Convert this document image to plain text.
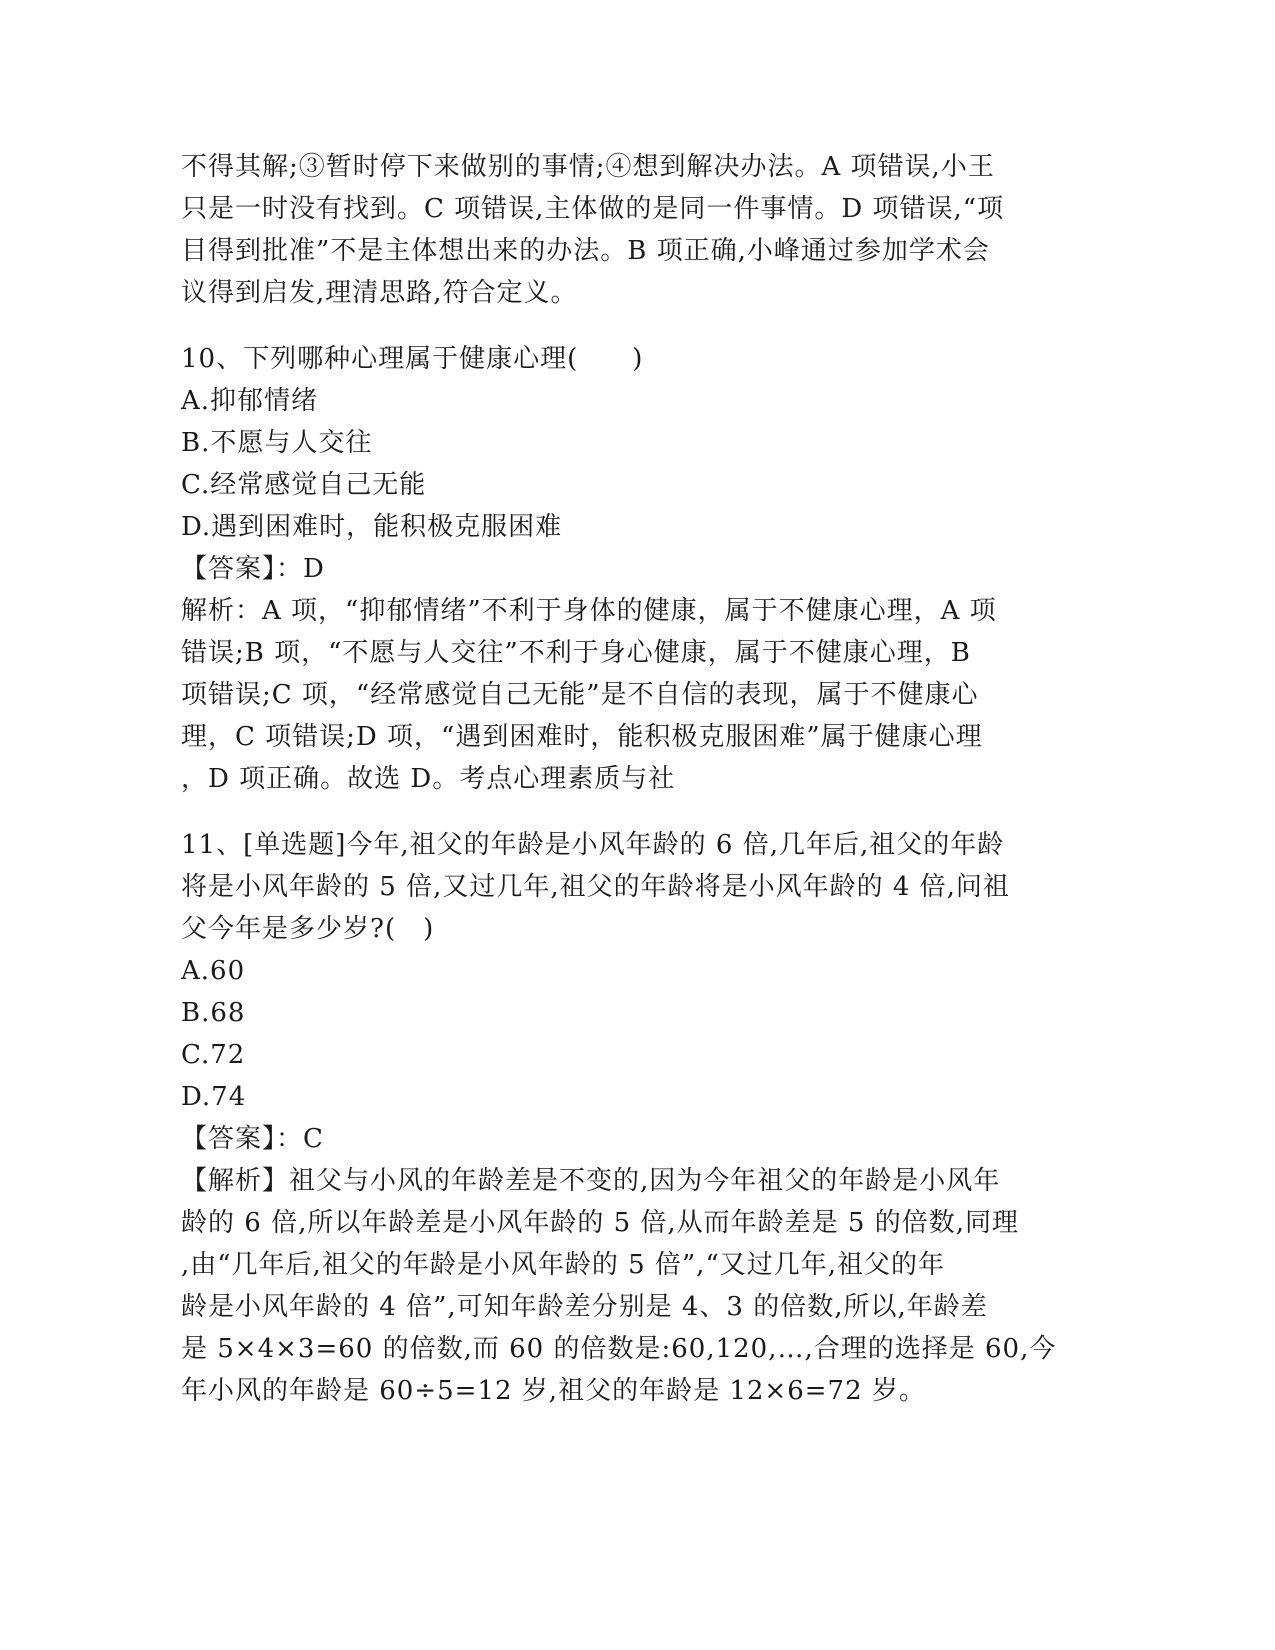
不得其解;③暂时停下来做别的事情;④想到解决办法。A 项错误,小王
只是一时没有找到。C 项错误,主体做的是同一件事情。D 项错误,“项
目得到批准”不是主体想出来的办法。B 项正确,小峰通过参加学术会
议得到启发,理清思路,符合定义。
10、下列哪种心理属于健康心理(　　)
A.抑郁情绪
B.不愿与人交往
C.经常感觉自己无能
D.遇到困难时，能积极克服困难
【答案】：D
解析：A 项，“抑郁情绪”不利于身体的健康，属于不健康心理，A 项
错误;B 项，“不愿与人交往”不利于身心健康，属于不健康心理，B
项错误;C 项，“经常感觉自己无能”是不自信的表现，属于不健康心
理，C 项错误;D 项，“遇到困难时，能积极克服困难”属于健康心理
，D 项正确。故选 D。考点心理素质与社
11、[单选题]今年,祖父的年龄是小风年龄的 6 倍,几年后,祖父的年龄
将是小风年龄的 5 倍,又过几年,祖父的年龄将是小风年龄的 4 倍,问祖
父今年是多少岁?(　)
A.60
B.68
C.72
D.74
【答案】：C
【解析】祖父与小风的年龄差是不变的,因为今年祖父的年龄是小风年
龄的 6 倍,所以年龄差是小风年龄的 5 倍,从而年龄差是 5 的倍数,同理
,由“几年后,祖父的年龄是小风年龄的 5 倍”,“又过几年,祖父的年
龄是小风年龄的 4 倍”,可知年龄差分别是 4、3 的倍数,所以,年龄差
是 5×4×3=60 的倍数,而 60 的倍数是:60,120,…,合理的选择是 60,今
年小风的年龄是 60÷5=12 岁,祖父的年龄是 12×6=72 岁。
